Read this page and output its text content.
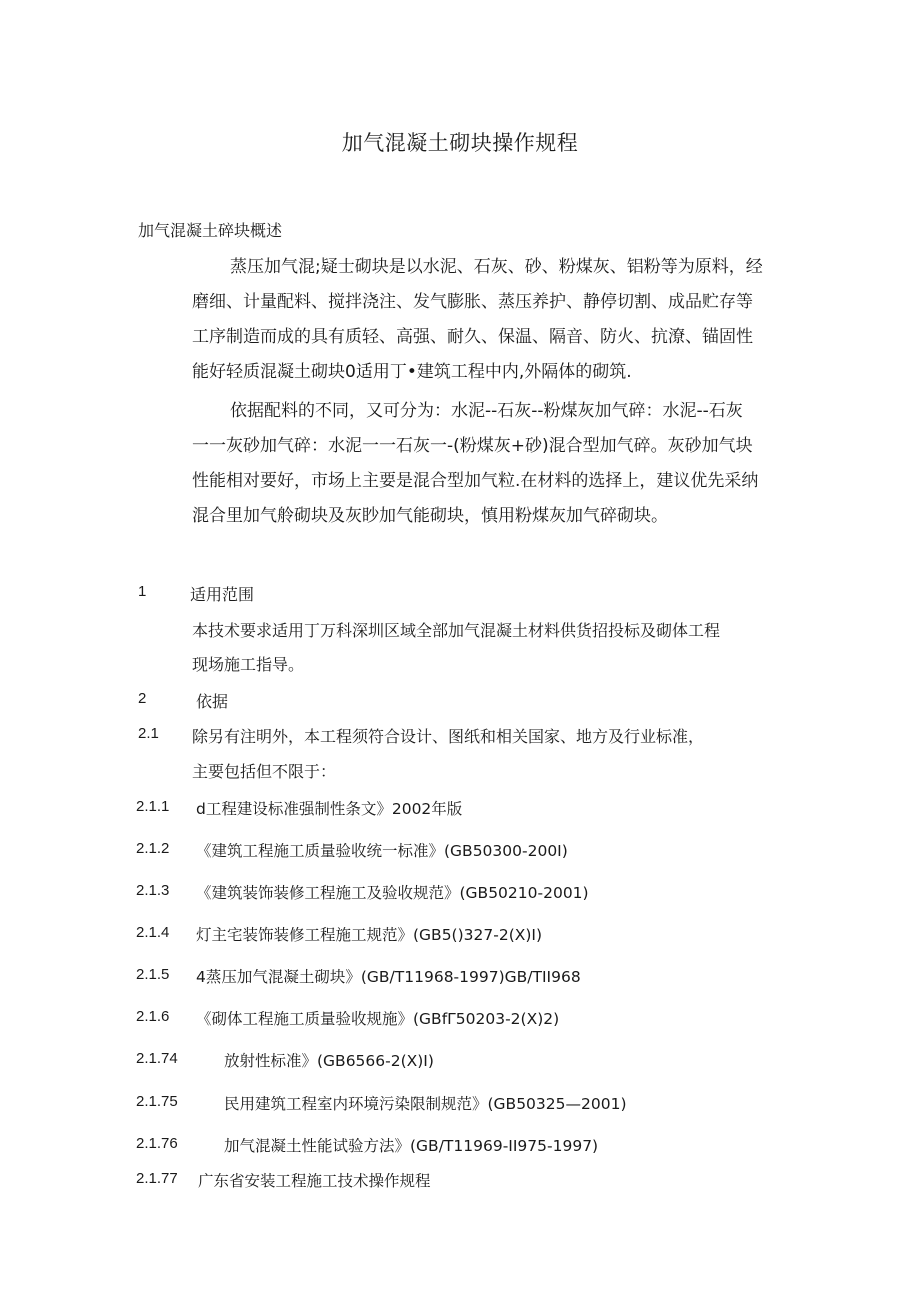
加气混凝土砌块操作规程
加气混凝土碎块概述
蒸压加气混;疑士砌块是以水泥、石灰、砂、粉煤灰、铝粉等为原料，经
磨细、计量配料、搅拌浇注、发气膨胀、蒸压养护、静停切割、成品贮存等
工序制造而成的具有质轻、高强、耐久、保温、隔音、防火、抗潦、锚固性
能好轻质混凝土砌块0适用丁•建筑工程中内,外隔体的砌筑.
依据配料的不同，又可分为：水泥--石灰--粉煤灰加气碎：水泥--石灰
一一灰砂加气碎：水泥一一石灰一-(粉煤灰+砂)混合型加气碎。灰砂加气块
性能相对要好，市场上主要是混合型加气粒.在材料的选择上，建议优先采纳
混合里加气舲砌块及灰眇加气能砌块，慎用粉煤灰加气碎砌块。
1	适用范围
本技术要求适用丁万科深圳区域全部加气混凝土材料供货招投标及砌体工程
现场施工指导。
2	依据
2.1 除另有注明外，本工程须符合设计、图纸和相关国家、地方及行业标准，
主要包括但不限于：
2.1.1 d工程建设标准强制性条文》2002年版
2.1.2 《建筑工程施工质量验收统一标准》(GB50300-200I)
2.1.3 《建筑装饰装修工程施工及验收规范》(GB50210-2001)
2.1.4 灯主宅装饰装修工程施工规范》(GB5()327-2(X)I)
2.1.5 4蒸压加气混凝土砌块》(GB∕T11968-1997)GB/TII968
2.1.6 《砌体工程施工质量验收规施》(GBfΓ50203-2(X)2)
2.1.74	放射性标准》(GB6566-2(X)I)
2.1.75	民用建筑工程室内环境污染限制规范》(GB50325—2001)
2.1.76	加气混凝土性能试验方法》(GB/T11969-II975-1997)
2.1.77 广东省安装工程施工技术操作规程
